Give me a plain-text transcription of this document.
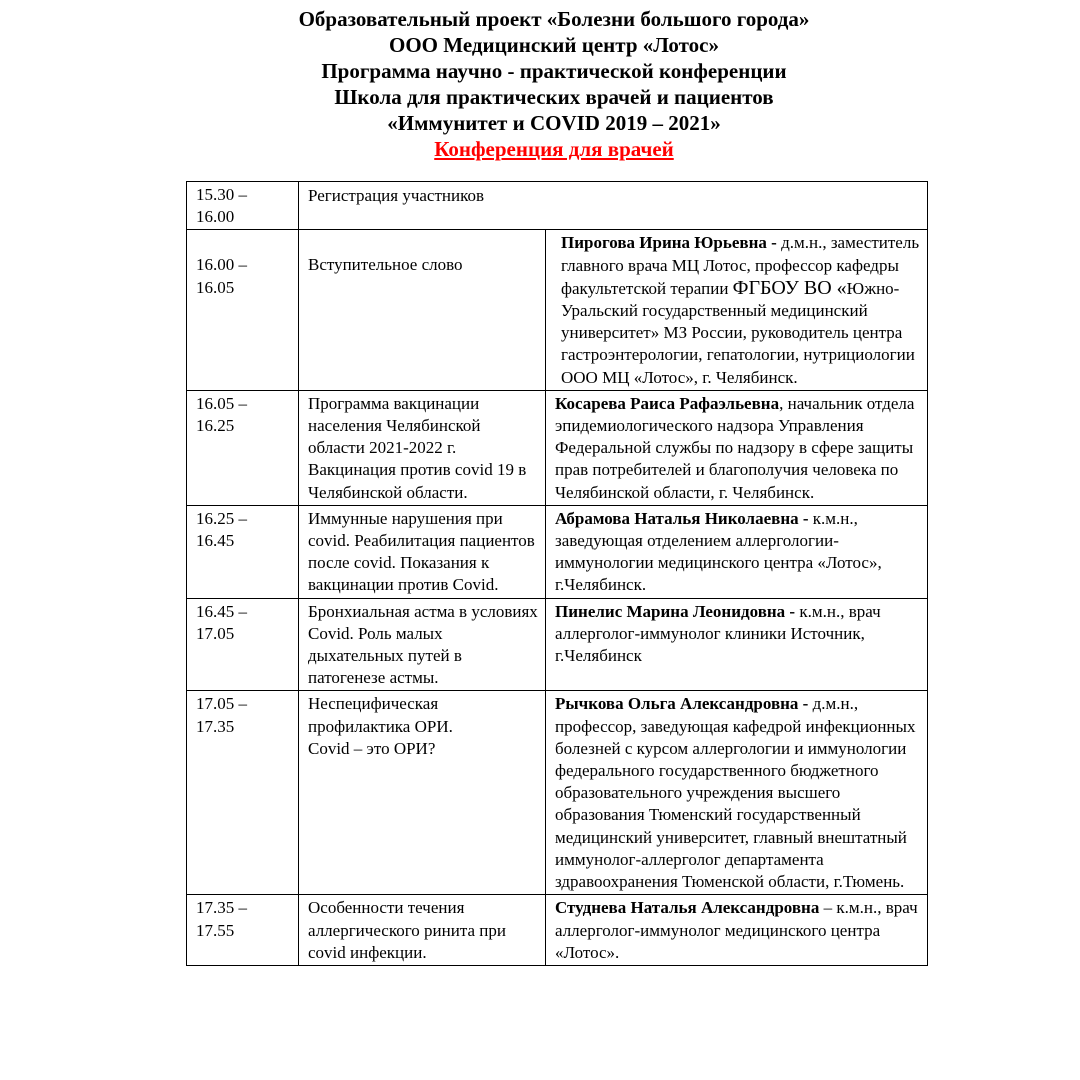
Образовательный проект «Болезни большого города»
ООО Медицинский центр «Лотос»
Программа научно - практической конференции
Школа для практических врачей и пациентов
«Иммунитет и COVID 2019 – 2021»
Конференция для врачей
15.30 –
16.00	Регистрация участников	
16.00 –
16.05	Вступительное слово	Пирогова Ирина Юрьевна - д.м.н., заместитель главного врача МЦ Лотос, профессор кафедры факультетской терапии ФГБОУ ВО «Южно-Уральский государственный медицинский университет» МЗ России, руководитель центра гастроэнтерологии, гепатологии, нутрициологии ООО МЦ «Лотос», г. Челябинск.
16.05 –
16.25	Программа вакцинации населения Челябинской области 2021-2022 г. Вакцинация против covid 19 в Челябинской области.	Косарева Раиса Рафаэльевна, начальник отдела эпидемиологического надзора Управления Федеральной службы по надзору в сфере защиты прав потребителей и благополучия человека по Челябинской области, г. Челябинск.
16.25 –
16.45	Иммунные нарушения при covid. Реабилитация пациентов после covid. Показания к вакцинации против Covid.	Абрамова Наталья Николаевна - к.м.н., заведующая отделением аллергологии-иммунологии медицинского центра «Лотос», г.Челябинск.
16.45 –
17.05	Бронхиальная астма в условиях Covid. Роль малых дыхательных путей в патогенезе астмы.	Пинелис Марина Леонидовна - к.м.н., врач аллерголог-иммунолог клиники Источник, г.Челябинск
17.05 –
17.35	Неспецифическая профилактика ОРИ.
Covid – это ОРИ?	Рычкова Ольга Александровна - д.м.н., профессор, заведующая кафедрой инфекционных болезней с курсом аллергологии и иммунологии федерального государственного бюджетного образовательного учреждения высшего образования Тюменский государственный медицинский университет, главный внештатный иммунолог-аллерголог департамента здравоохранения Тюменской области, г.Тюмень.
17.35 –
17.55	Особенности течения аллергического ринита при covid инфекции.	Студнева Наталья Александровна – к.м.н., врач аллерголог-иммунолог медицинского центра «Лотос».
